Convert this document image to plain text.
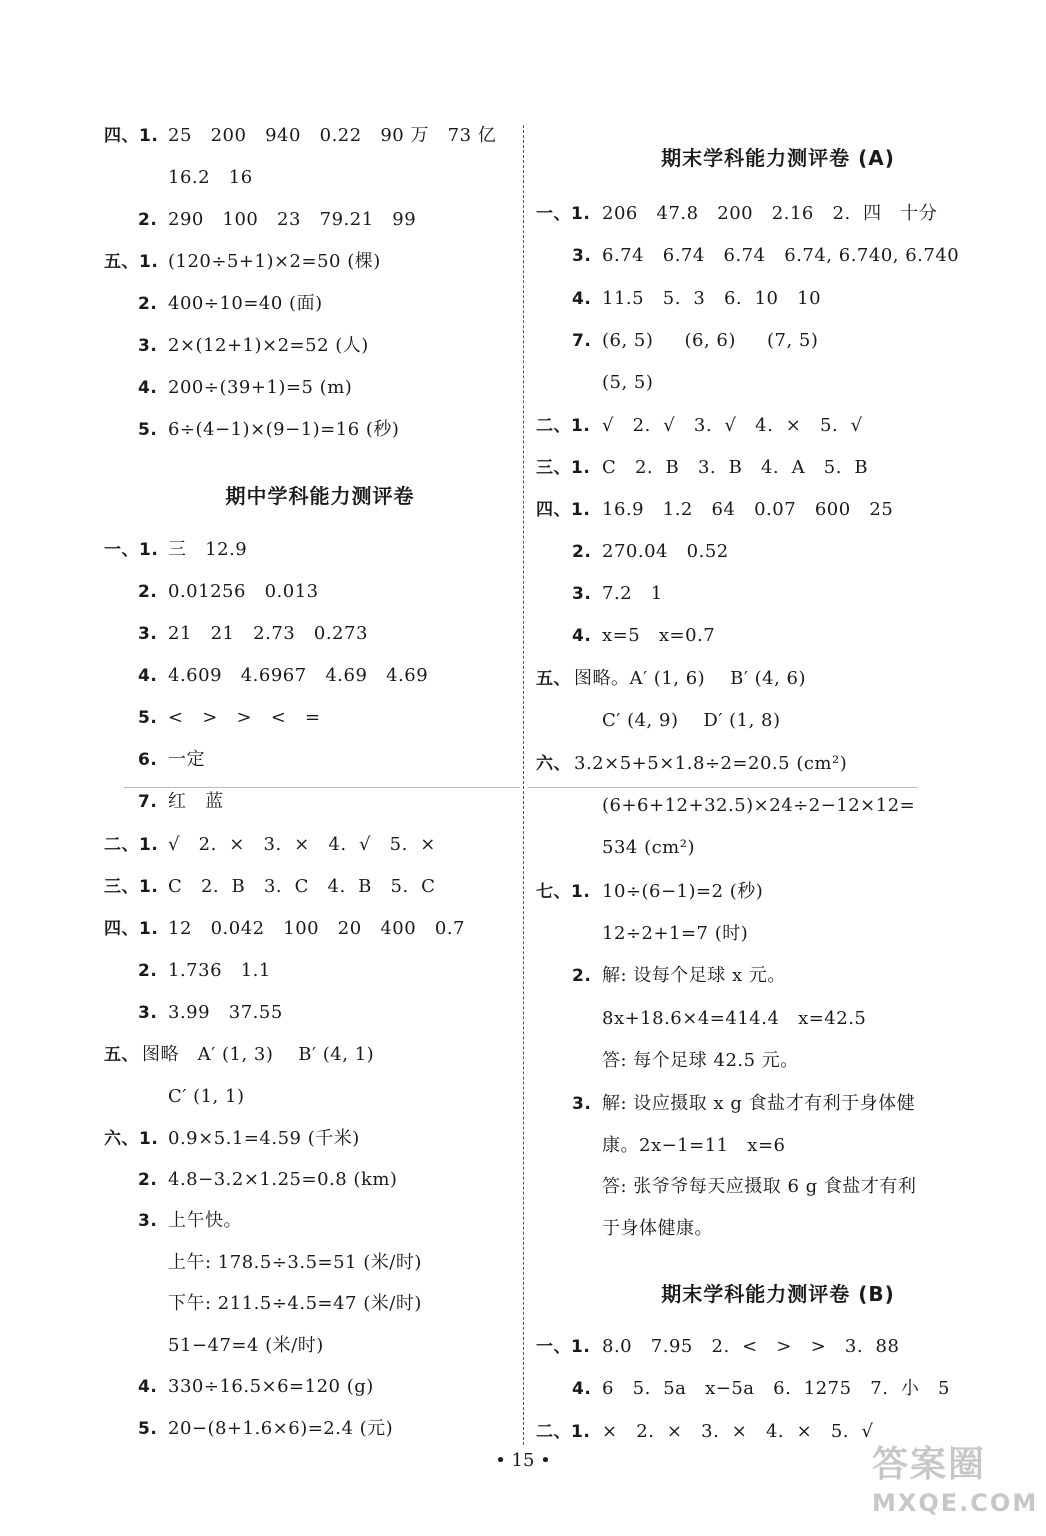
四、1. 25   200   940   0.22   90 万   73 亿
16.2   16
2. 290   100   23   79.21   99
五、1. (120÷5+1)×2=50 (棵)
2. 400÷10=40 (面)
3. 2×(12+1)×2=52 (人)
4. 200÷(39+1)=5 (m)
5. 6÷(4−1)×(9−1)=16 (秒)
期中学科能力测评卷
一、1. 三   12.9
2. 0.01256   0.013
3. 21   21   2.73   0.273
4. 4.609   4.6967   4.69   4.69
5. <   >   >   <   =
6. 一定
7. 红   蓝
二、1. √   2.  ×   3.  ×   4.  √   5.  ×
三、1. C   2.  B   3.  C   4.  B   5.  C
四、1. 12   0.042   100   20   400   0.7
2. 1.736   1.1
3. 3.99   37.55
五、 图略   A′ (1, 3)    B′ (4, 1)
C′ (1, 1)
六、1. 0.9×5.1=4.59 (千米)
2. 4.8−3.2×1.25=0.8 (km)
3. 上午快。
上午: 178.5÷3.5=51 (米/时)
下午: 211.5÷4.5=47 (米/时)
51−47=4 (米/时)
4. 330÷16.5×6=120 (g)
5. 20−(8+1.6×6)=2.4 (元)
期末学科能力测评卷 (A)
一、1. 206   47.8   200   2.16   2.  四   十分
3. 6.74   6.74   6.74   6.74, 6.740, 6.740
4. 11.5   5.  3   6.  10   10
7. (6, 5)     (6, 6)     (7, 5)
(5, 5)
二、1. √   2.  √   3.  √   4.  ×   5.  √
三、1. C   2.  B   3.  B   4.  A   5.  B
四、1. 16.9   1.2   64   0.07   600   25
2. 270.04   0.52
3. 7.2   1
4. x=5   x=0.7
五、 图略。A′ (1, 6)    B′ (4, 6)
C′ (4, 9)    D′ (1, 8)
六、 3.2×5+5×1.8÷2=20.5 (cm²)
(6+6+12+32.5)×24÷2−12×12=
534 (cm²)
七、1. 10÷(6−1)=2 (秒)
12÷2+1=7 (时)
2. 解: 设每个足球 x 元。
8x+18.6×4=414.4   x=42.5
答: 每个足球 42.5 元。
3. 解: 设应摄取 x g 食盐才有利于身体健
康。2x−1=11   x=6
答: 张爷爷每天应摄取 6 g 食盐才有利
于身体健康。
期末学科能力测评卷 (B)
一、1. 8.0   7.95   2.  <   >   >   3.  88
4. 6   5.  5a   x−5a   6.  1275   7.  小   5
二、1. ×   2.  ×   3.  ×   4.  ×   5.  √
• 15 •	答案圈
MXQE.COM
